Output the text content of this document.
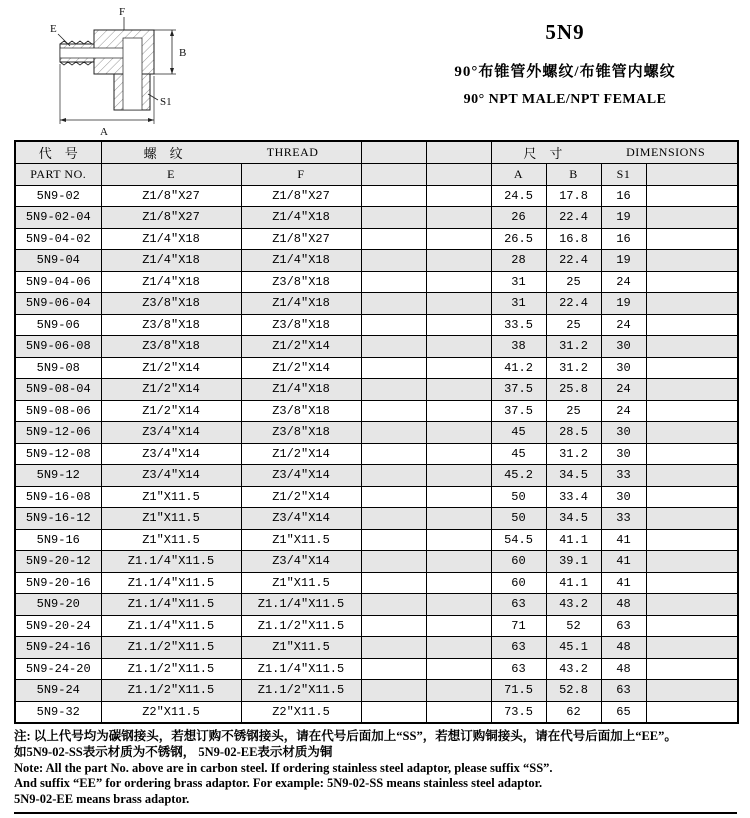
E
F
B
S1
A
5N9
90°布锥管外螺纹/布锥管内螺纹
90° NPT MALE/NPT FEMALE
代　号	螺　纹 THREAD				尺　寸 DIMENSIONS			

PART NO.	E	F			A	B	S1	
5N9-02	Z1/8″X27	Z1/8″X27			24.5	17.8	16	
5N9-02-04	Z1/8″X27	Z1/4″X18			26	22.4	19	
5N9-04-02	Z1/4″X18	Z1/8″X27			26.5	16.8	16	
5N9-04	Z1/4″X18	Z1/4″X18			28	22.4	19	
5N9-04-06	Z1/4″X18	Z3/8″X18			31	25	24	
5N9-06-04	Z3/8″X18	Z1/4″X18			31	22.4	19	
5N9-06	Z3/8″X18	Z3/8″X18			33.5	25	24	
5N9-06-08	Z3/8″X18	Z1/2″X14			38	31.2	30	
5N9-08	Z1/2″X14	Z1/2″X14			41.2	31.2	30	
5N9-08-04	Z1/2″X14	Z1/4″X18			37.5	25.8	24	
5N9-08-06	Z1/2″X14	Z3/8″X18			37.5	25	24	
5N9-12-06	Z3/4″X14	Z3/8″X18			45	28.5	30	
5N9-12-08	Z3/4″X14	Z1/2″X14			45	31.2	30	
5N9-12	Z3/4″X14	Z3/4″X14			45.2	34.5	33	
5N9-16-08	Z1″X11.5	Z1/2″X14			50	33.4	30	
5N9-16-12	Z1″X11.5	Z3/4″X14			50	34.5	33	
5N9-16	Z1″X11.5	Z1″X11.5			54.5	41.1	41	
5N9-20-12	Z1.1/4″X11.5	Z3/4″X14			60	39.1	41	
5N9-20-16	Z1.1/4″X11.5	Z1″X11.5			60	41.1	41	
5N9-20	Z1.1/4″X11.5	Z1.1/4″X11.5			63	43.2	48	
5N9-20-24	Z1.1/4″X11.5	Z1.1/2″X11.5			71	52	63	
5N9-24-16	Z1.1/2″X11.5	Z1″X11.5			63	45.1	48	
5N9-24-20	Z1.1/2″X11.5	Z1.1/4″X11.5			63	43.2	48	
5N9-24	Z1.1/2″X11.5	Z1.1/2″X11.5			71.5	52.8	63	
5N9-32	Z2″X11.5	Z2″X11.5			73.5	62	65	
注: 以上代号均为碳钢接头，若想订购不锈钢接头，请在代号后面加上“SS”，若想订购铜接头，请在代号后面加上“EE”。
如5N9-02-SS表示材质为不锈钢， 5N9-02-EE表示材质为铜
Note: All the part No. above are in carbon steel. If ordering stainless steel adaptor, please suffix “SS”.
And suffix “EE” for ordering brass adaptor. For example: 5N9-02-SS means stainless steel adaptor.
5N9-02-EE means brass adaptor.
